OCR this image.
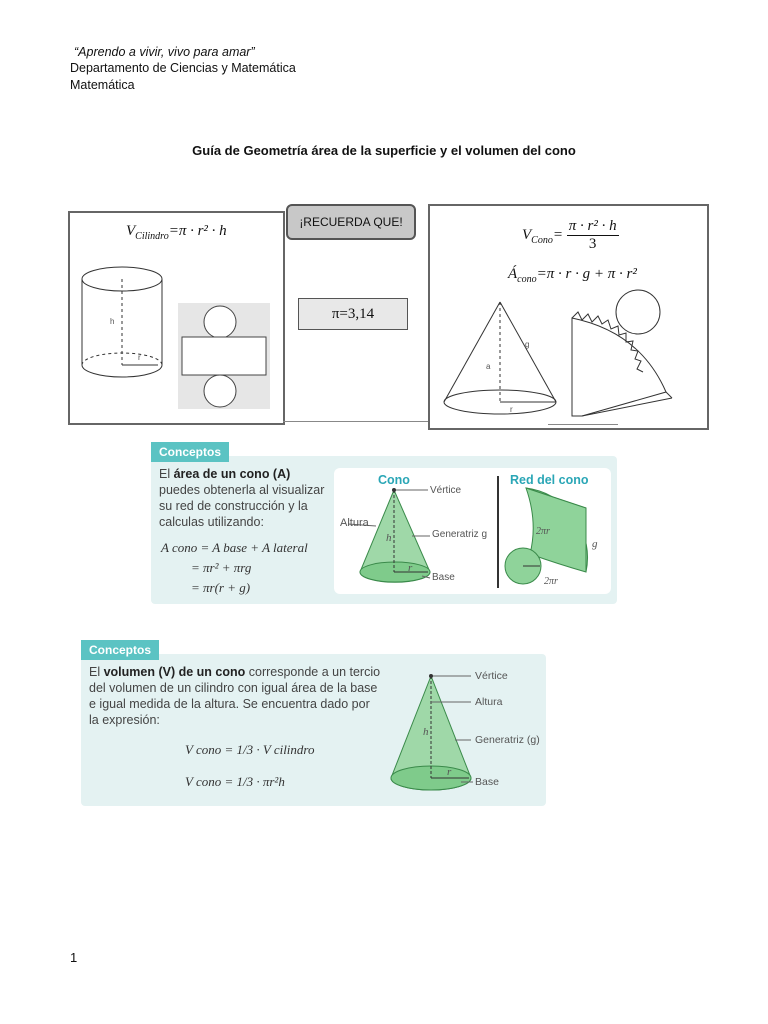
“Aprendo a vivir, vivo para amar”
Departamento de Ciencias y Matemática
Matemática
Guía de Geometría área de la superficie y el volumen del cono
$V_{Cilindro}=\pi \cdot r^2 \cdot h$
h
r
¡RECUERDA QUE!
π=3,14
$V_{Cono}= \frac{\text{π · r² · h}}{3}$
$Á_{cono}=\pi \cdot r \cdot g + \pi \cdot r^2$
g
a
r
Conceptos
El área de un cono (A) puedes obtenerla al visualizar su red de construcción y la calculas utilizando:
A cono = A base + A lateral
= πr² + πrg
= πr(r + g)
Cono	Red del cono
Vértice
Altura
Generatriz g
Base
h
r
2πr
2πr
g
Conceptos
El volumen (V) de un cono corresponde a un tercio del volumen de un cilindro con igual área de la base e igual medida de la altura. Se encuentra dado por la expresión:
V cono = 1/3 · V cilindro
V cono = 1/3 · πr²h
Vértice
Altura
Generatriz (g)
Base
h
r
1
